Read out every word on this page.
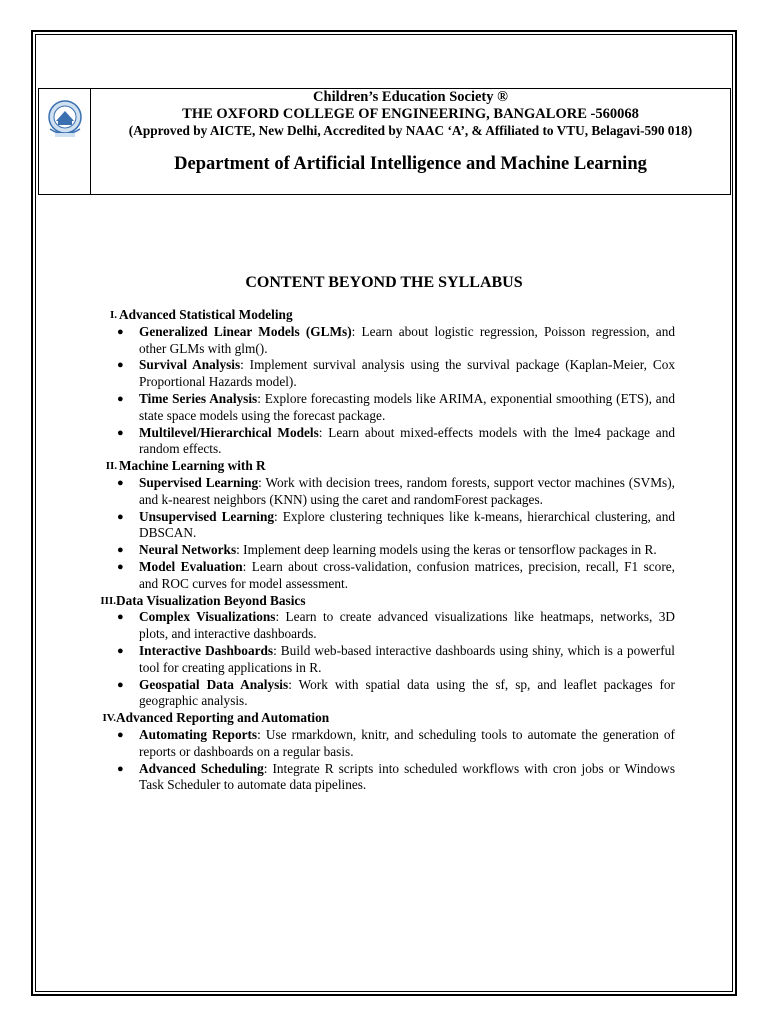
Children’s Education Society ®
THE OXFORD COLLEGE OF ENGINEERING, BANGALORE -560068
(Approved by AICTE, New Delhi, Accredited by NAAC ‘A’, & Affiliated to VTU, Belagavi-590 018)
Department of Artificial Intelligence and Machine Learning
CONTENT BEYOND THE SYLLABUS
I. Advanced Statistical Modeling
● Generalized Linear Models (GLMs): Learn about logistic regression, Poisson regression, and other GLMs with glm().
● Survival Analysis: Implement survival analysis using the survival package (Kaplan-Meier, Cox Proportional Hazards model).
● Time Series Analysis: Explore forecasting models like ARIMA, exponential smoothing (ETS), and state space models using the forecast package.
● Multilevel/Hierarchical Models: Learn about mixed-effects models with the lme4 package and random effects.
II. Machine Learning with R
● Supervised Learning: Work with decision trees, random forests, support vector machines (SVMs), and k-nearest neighbors (KNN) using the caret and randomForest packages.
● Unsupervised Learning: Explore clustering techniques like k-means, hierarchical clustering, and DBSCAN.
● Neural Networks: Implement deep learning models using the keras or tensorflow packages in R.
● Model Evaluation: Learn about cross-validation, confusion matrices, precision, recall, F1 score, and ROC curves for model assessment.
III. Data Visualization Beyond Basics
● Complex Visualizations: Learn to create advanced visualizations like heatmaps, networks, 3D plots, and interactive dashboards.
● Interactive Dashboards: Build web-based interactive dashboards using shiny, which is a powerful tool for creating applications in R.
● Geospatial Data Analysis: Work with spatial data using the sf, sp, and leaflet packages for geographic analysis.
IV. Advanced Reporting and Automation
● Automating Reports: Use rmarkdown, knitr, and scheduling tools to automate the generation of reports or dashboards on a regular basis.
● Advanced Scheduling: Integrate R scripts into scheduled workflows with cron jobs or Windows Task Scheduler to automate data pipelines.
